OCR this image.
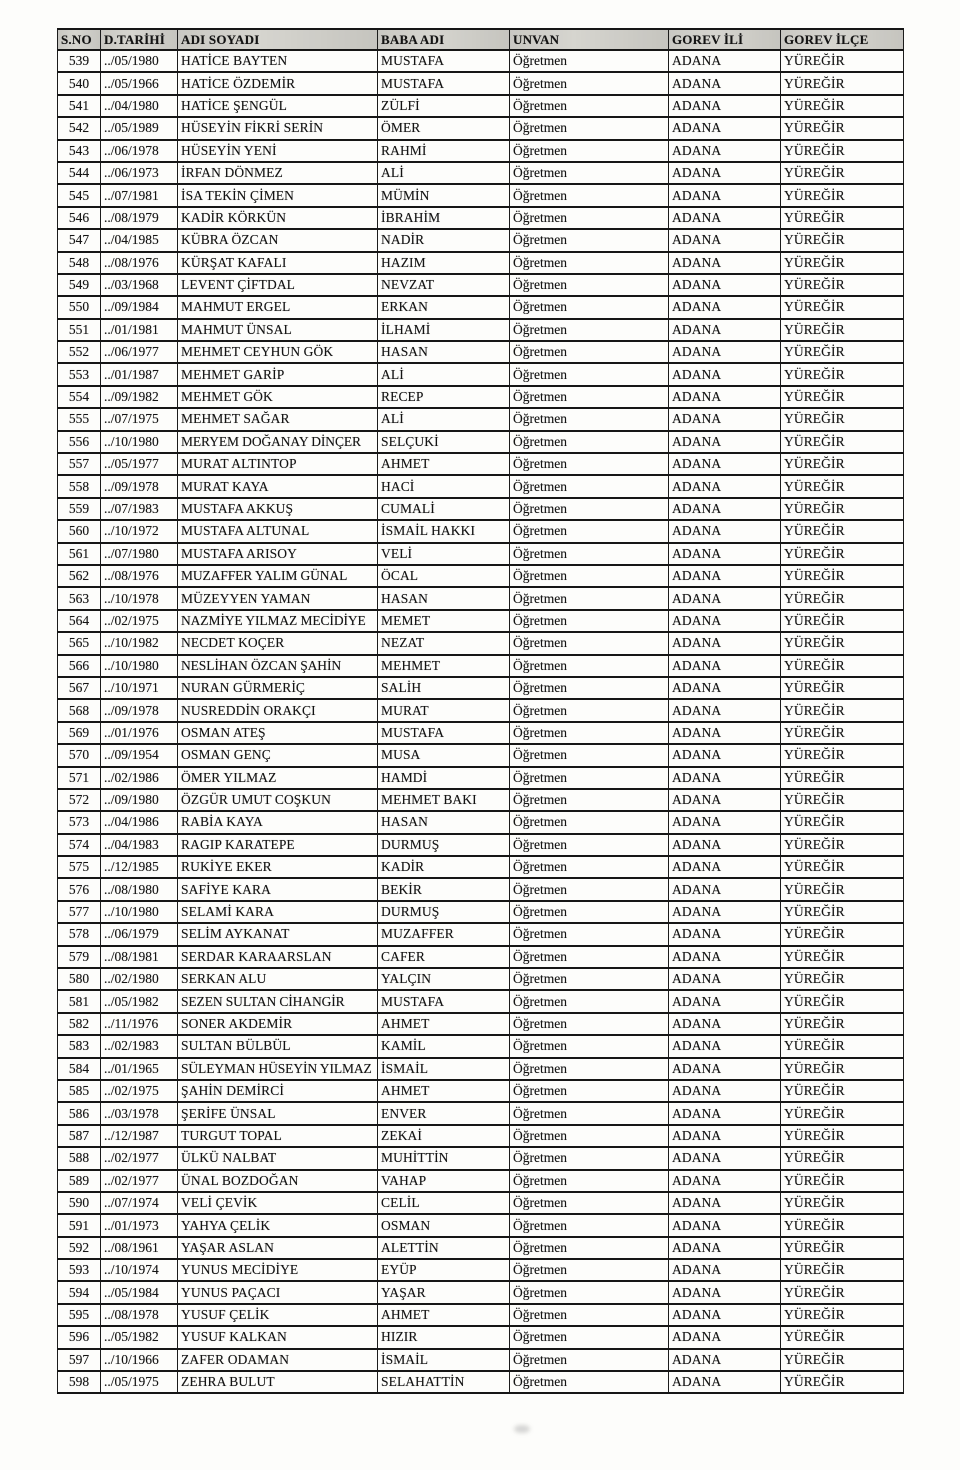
S.NO	D.TARİHİ	ADI SOYADI	BABA ADI	UNVAN	GOREV İLİ	GOREV İLÇE
539	../05/1980	HATİCE BAYTEN	MUSTAFA	Öğretmen	ADANA	YÜREĞİR
540	../05/1966	HATİCE ÖZDEMİR	MUSTAFA	Öğretmen	ADANA	YÜREĞİR
541	../04/1980	HATİCE ŞENGÜL	ZÜLFİ	Öğretmen	ADANA	YÜREĞİR
542	../05/1989	HÜSEYİN FİKRİ SERİN	ÖMER	Öğretmen	ADANA	YÜREĞİR
543	../06/1978	HÜSEYİN YENİ	RAHMİ	Öğretmen	ADANA	YÜREĞİR
544	../06/1973	İRFAN DÖNMEZ	ALİ	Öğretmen	ADANA	YÜREĞİR
545	../07/1981	İSA TEKİN ÇİMEN	MÜMİN	Öğretmen	ADANA	YÜREĞİR
546	../08/1979	KADİR KÖRKÜN	İBRAHİM	Öğretmen	ADANA	YÜREĞİR
547	../04/1985	KÜBRA ÖZCAN	NADİR	Öğretmen	ADANA	YÜREĞİR
548	../08/1976	KÜRŞAT KAFALI	HAZIM	Öğretmen	ADANA	YÜREĞİR
549	../03/1968	LEVENT ÇİFTDAL	NEVZAT	Öğretmen	ADANA	YÜREĞİR
550	../09/1984	MAHMUT ERGEL	ERKAN	Öğretmen	ADANA	YÜREĞİR
551	../01/1981	MAHMUT ÜNSAL	İLHAMİ	Öğretmen	ADANA	YÜREĞİR
552	../06/1977	MEHMET CEYHUN GÖK	HASAN	Öğretmen	ADANA	YÜREĞİR
553	../01/1987	MEHMET GARİP	ALİ	Öğretmen	ADANA	YÜREĞİR
554	../09/1982	MEHMET GÖK	RECEP	Öğretmen	ADANA	YÜREĞİR
555	../07/1975	MEHMET SAĞAR	ALİ	Öğretmen	ADANA	YÜREĞİR
556	../10/1980	MERYEM DOĞANAY DİNÇER	SELÇUKİ	Öğretmen	ADANA	YÜREĞİR
557	../05/1977	MURAT ALTINTOP	AHMET	Öğretmen	ADANA	YÜREĞİR
558	../09/1978	MURAT KAYA	HACİ	Öğretmen	ADANA	YÜREĞİR
559	../07/1983	MUSTAFA AKKUŞ	CUMALİ	Öğretmen	ADANA	YÜREĞİR
560	../10/1972	MUSTAFA ALTUNAL	İSMAİL HAKKI	Öğretmen	ADANA	YÜREĞİR
561	../07/1980	MUSTAFA ARISOY	VELİ	Öğretmen	ADANA	YÜREĞİR
562	../08/1976	MUZAFFER YALIM GÜNAL	ÖCAL	Öğretmen	ADANA	YÜREĞİR
563	../10/1978	MÜZEYYEN YAMAN	HASAN	Öğretmen	ADANA	YÜREĞİR
564	../02/1975	NAZMİYE YILMAZ MECİDİYE	MEMET	Öğretmen	ADANA	YÜREĞİR
565	../10/1982	NECDET KOÇER	NEZAT	Öğretmen	ADANA	YÜREĞİR
566	../10/1980	NESLİHAN ÖZCAN ŞAHİN	MEHMET	Öğretmen	ADANA	YÜREĞİR
567	../10/1971	NURAN GÜRMERİÇ	SALİH	Öğretmen	ADANA	YÜREĞİR
568	../09/1978	NUSREDDİN ORAKÇI	MURAT	Öğretmen	ADANA	YÜREĞİR
569	../01/1976	OSMAN ATEŞ	MUSTAFA	Öğretmen	ADANA	YÜREĞİR
570	../09/1954	OSMAN GENÇ	MUSA	Öğretmen	ADANA	YÜREĞİR
571	../02/1986	ÖMER YILMAZ	HAMDİ	Öğretmen	ADANA	YÜREĞİR
572	../09/1980	ÖZGÜR UMUT COŞKUN	MEHMET BAKI	Öğretmen	ADANA	YÜREĞİR
573	../04/1986	RABİA KAYA	HASAN	Öğretmen	ADANA	YÜREĞİR
574	../04/1983	RAGIP KARATEPE	DURMUŞ	Öğretmen	ADANA	YÜREĞİR
575	../12/1985	RUKİYE EKER	KADİR	Öğretmen	ADANA	YÜREĞİR
576	../08/1980	SAFİYE KARA	BEKİR	Öğretmen	ADANA	YÜREĞİR
577	../10/1980	SELAMİ KARA	DURMUŞ	Öğretmen	ADANA	YÜREĞİR
578	../06/1979	SELİM AYKANAT	MUZAFFER	Öğretmen	ADANA	YÜREĞİR
579	../08/1981	SERDAR KARAARSLAN	CAFER	Öğretmen	ADANA	YÜREĞİR
580	../02/1980	SERKAN ALU	YALÇIN	Öğretmen	ADANA	YÜREĞİR
581	../05/1982	SEZEN SULTAN CİHANGİR	MUSTAFA	Öğretmen	ADANA	YÜREĞİR
582	../11/1976	SONER AKDEMİR	AHMET	Öğretmen	ADANA	YÜREĞİR
583	../02/1983	SULTAN BÜLBÜL	KAMİL	Öğretmen	ADANA	YÜREĞİR
584	../01/1965	SÜLEYMAN HÜSEYİN YILMAZ	İSMAİL	Öğretmen	ADANA	YÜREĞİR
585	../02/1975	ŞAHİN DEMİRCİ	AHMET	Öğretmen	ADANA	YÜREĞİR
586	../03/1978	ŞERİFE ÜNSAL	ENVER	Öğretmen	ADANA	YÜREĞİR
587	../12/1987	TURGUT TOPAL	ZEKAİ	Öğretmen	ADANA	YÜREĞİR
588	../02/1977	ÜLKÜ NALBAT	MUHİTTİN	Öğretmen	ADANA	YÜREĞİR
589	../02/1977	ÜNAL BOZDOĞAN	VAHAP	Öğretmen	ADANA	YÜREĞİR
590	../07/1974	VELİ ÇEVİK	CELİL	Öğretmen	ADANA	YÜREĞİR
591	../01/1973	YAHYA ÇELİK	OSMAN	Öğretmen	ADANA	YÜREĞİR
592	../08/1961	YAŞAR ASLAN	ALETTİN	Öğretmen	ADANA	YÜREĞİR
593	../10/1974	YUNUS MECİDİYE	EYÜP	Öğretmen	ADANA	YÜREĞİR
594	../05/1984	YUNUS PAÇACI	YAŞAR	Öğretmen	ADANA	YÜREĞİR
595	../08/1978	YUSUF ÇELİK	AHMET	Öğretmen	ADANA	YÜREĞİR
596	../05/1982	YUSUF KALKAN	HIZIR	Öğretmen	ADANA	YÜREĞİR
597	../10/1966	ZAFER ODAMAN	İSMAİL	Öğretmen	ADANA	YÜREĞİR
598	../05/1975	ZEHRA BULUT	SELAHATTİN	Öğretmen	ADANA	YÜREĞİR
